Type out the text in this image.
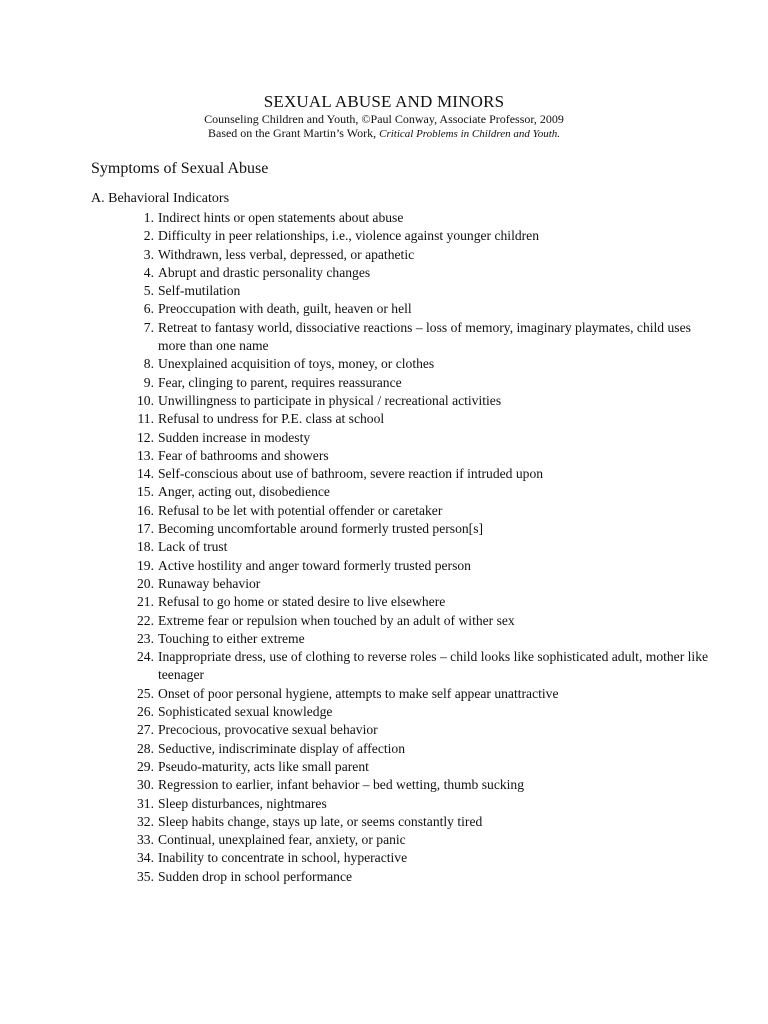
SEXUAL ABUSE AND MINORS

Counseling Children and Youth, ©Paul Conway, Associate Professor, 2009

Based on the Grant Martin’s Work, Critical Problems in Children and Youth.

Symptoms of Sexual Abuse
A. Behavioral Indicators
1. Indirect hints or open statements about abuse
2. Difficulty in peer relationships, i.e., violence against younger children
3. Withdrawn, less verbal, depressed, or apathetic
4. Abrupt and drastic personality changes
5. Self-mutilation
6. Preoccupation with death, guilt, heaven or hell
7. Retreat to fantasy world, dissociative reactions – loss of memory, imaginary playmates, child uses more than one name
8. Unexplained acquisition of toys, money, or clothes
9. Fear, clinging to parent, requires reassurance
10. Unwillingness to participate in physical / recreational activities
11. Refusal to undress for P.E. class at school
12. Sudden increase in modesty
13. Fear of bathrooms and showers
14. Self-conscious about use of bathroom, severe reaction if intruded upon
15. Anger, acting out, disobedience
16. Refusal to be let with potential offender or caretaker
17. Becoming uncomfortable around formerly trusted person[s]
18. Lack of trust
19. Active hostility and anger toward formerly trusted person
20. Runaway behavior
21. Refusal to go home or stated desire to live elsewhere
22. Extreme fear or repulsion when touched by an adult of wither sex
23. Touching to either extreme
24. Inappropriate dress, use of clothing to reverse roles – child looks like sophisticated adult, mother like teenager
25. Onset of poor personal hygiene, attempts to make self appear unattractive
26. Sophisticated sexual knowledge
27. Precocious, provocative sexual behavior
28. Seductive, indiscriminate display of affection
29. Pseudo-maturity, acts like small parent
30. Regression to earlier, infant behavior – bed wetting, thumb sucking
31. Sleep disturbances, nightmares
32. Sleep habits change, stays up late, or seems constantly tired
33. Continual, unexplained fear, anxiety, or panic
34. Inability to concentrate in school, hyperactive
35. Sudden drop in school performance
